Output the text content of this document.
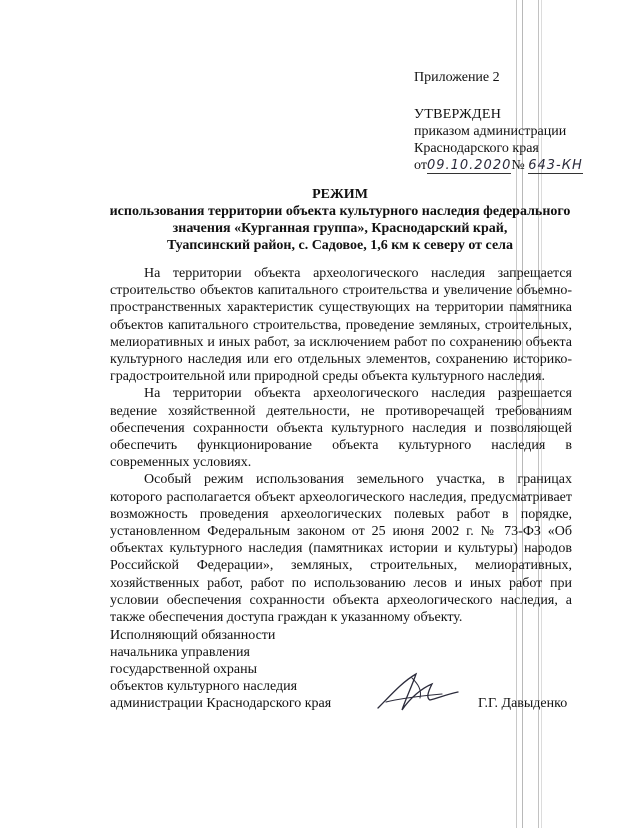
Приложение 2
УТВЕРЖДЕН
приказом администрации
Краснодарского края
от09.10.2020№ 643-КН
РЕЖИМ
использования территории объекта культурного наследия федерального
значения «Курганная группа», Краснодарский край,
Туапсинский район, с. Садовое, 1,6 км к северу от села

На территории объекта археологического наследия запрещается строительство объектов капитального строительства и увеличение объемно-пространственных характеристик существующих на территории памятника объектов капитального строительства, проведение земляных, строительных, мелиоративных и иных работ, за исключением работ по сохранению объекта культурного наследия или его отдельных элементов, сохранению историко-градостроительной или природной среды объекта культурного наследия.

На территории объекта археологического наследия разрешается ведение хозяйственной деятельности, не противоречащей требованиям обеспечения сохранности объекта культурного наследия и позволяющей обеспечить функционирование объекта культурного наследия в современных условиях.

Особый режим использования земельного участка, в границах которого располагается объект археологического наследия, предусматривает возможность проведения археологических полевых работ в порядке, установленном Федеральным законом от 25 июня 2002 г. № 73-ФЗ «Об объектах культурного наследия (памятниках истории и культуры) народов Российской Федерации», земляных, строительных, мелиоративных, хозяйственных работ, работ по использованию лесов и иных работ при условии обеспечения сохранности объекта археологического наследия, а также обеспечения доступа граждан к указанному объекту.

Исполняющий обязанности
начальника управления
государственной охраны
объектов культурного наследия
администрации Краснодарского края	Г.Г. Давыденко
